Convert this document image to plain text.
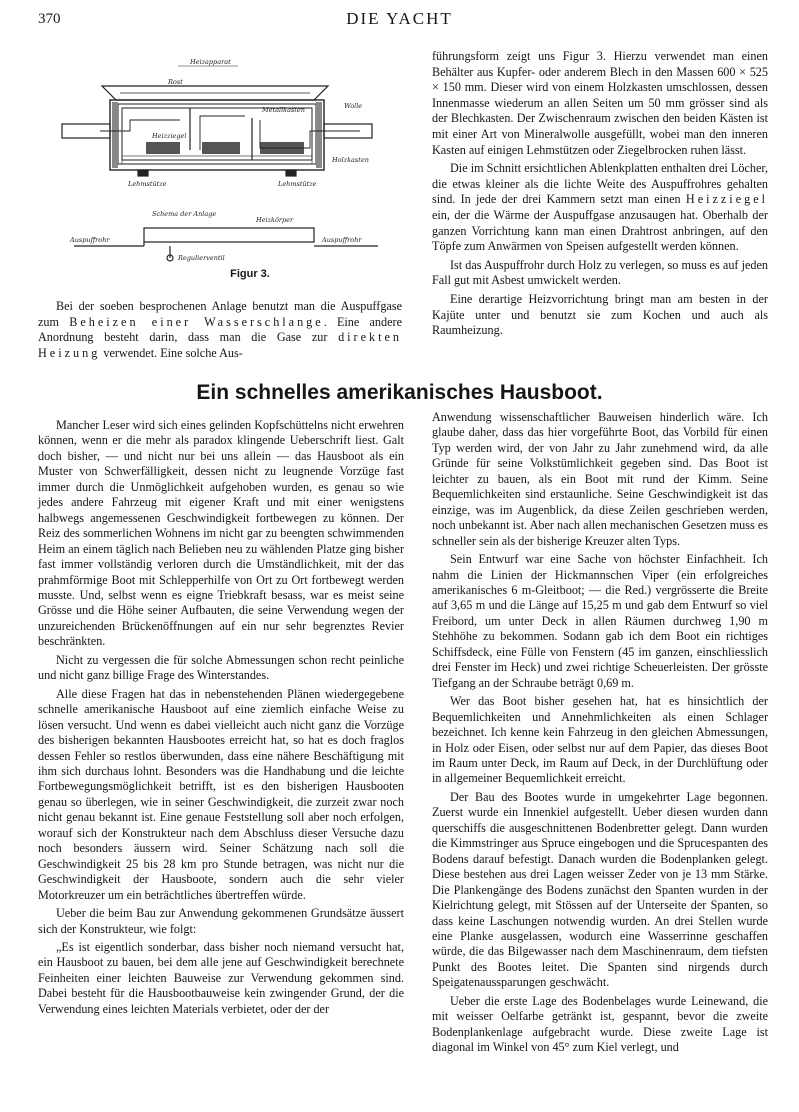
370	DIE YACHT
Heizapparat
Rost
Metallkasten	Wolle
Heizziegel
Holzkasten
Lehmstütze	Lehmstütze
Schema der Anlage
Heizkörper
Auspuffrohr	Auspuffrohr
Regulierventil
Figur 3.

Bei der soeben besprochenen Anlage benutzt man die Auspuffgase zum Beheizen einer Wasserschlange. Eine andere Anordnung besteht darin, dass man die Gase zur direkten Heizung verwendet. Eine solche Aus-

führungsform zeigt uns Figur 3. Hierzu verwendet man einen Behälter aus Kupfer- oder anderem Blech in den Massen 600 × 525 × 150 mm. Dieser wird von einem Holzkasten umschlossen, dessen Innenmasse wiederum an allen Seiten um 50 mm grösser sind als der Blechkasten. Der Zwischenraum zwischen den beiden Kästen ist mit einer Art von Mineralwolle ausgefüllt, wobei man den inneren Kasten auf einigen Lehmstützen oder Ziegelbrocken ruhen lässt.

Die im Schnitt ersichtlichen Ablenkplatten enthalten drei Löcher, die etwas kleiner als die lichte Weite des Auspuffrohres gehalten sind. In jede der drei Kammern setzt man einen Heizziegel ein, der die Wärme der Auspuffgase anzusaugen hat. Oberhalb der ganzen Vorrichtung kann man einen Drahtrost anbringen, auf den Töpfe zum Anwärmen von Speisen aufgestellt werden können.

Ist das Auspuffrohr durch Holz zu verlegen, so muss es auf jeden Fall gut mit Asbest umwickelt werden.

Eine derartige Heizvorrichtung bringt man am besten in der Kajüte unter und benutzt sie zum Kochen und auch als Raumheizung.

Ein schnelles amerikanisches Hausboot.

Mancher Leser wird sich eines gelinden Kopfschüttelns nicht erwehren können, wenn er die mehr als paradox klingende Ueberschrift liest. Galt doch bisher, — und nicht nur bei uns allein — das Hausboot als ein Muster von Schwerfälligkeit, dessen nicht zu leugnende Vorzüge fast immer durch die Unmöglichkeit aufgehoben wurden, es genau so wie jedes andere Fahrzeug mit eigener Kraft und mit einer wenigstens halbwegs angemessenen Geschwindigkeit fortbewegen zu können. Der Reiz des sommerlichen Wohnens im nicht gar zu beengten schwimmenden Heim an einem täglich nach Belieben neu zu wählenden Platze ging bisher fast immer vollständig verloren durch die Umständlichkeit, mit der das prahmförmige Boot mit Schlepperhilfe von Ort zu Ort fortbewegt werden musste. Und, selbst wenn es eigne Triebkraft besass, war es meist seine Grösse und die Höhe seiner Aufbauten, die seine Verwendung wegen der unzureichenden Brückenöffnungen auf ein nur sehr begrenztes Revier beschränkten.

Nicht zu vergessen die für solche Abmessungen schon recht peinliche und nicht ganz billige Frage des Winterstandes.

Alle diese Fragen hat das in nebenstehenden Plänen wiedergegebene schnelle amerikanische Hausboot auf eine ziemlich einfache Weise zu lösen versucht. Und wenn es dabei vielleicht auch nicht ganz die Vorzüge des bisherigen bekannten Hausbootes erreicht hat, so hat es doch fraglos dessen Fehler so restlos überwunden, dass eine nähere Beschäftigung mit ihm sich durchaus lohnt. Besonders was die Handhabung und die leichte Fortbewegungsmöglichkeit betrifft, ist es den bisherigen Hausbooten genau so überlegen, wie in seiner Geschwindigkeit, die zurzeit zwar noch nicht genau bekannt ist. Eine genaue Feststellung soll aber noch erfolgen, worauf sich der Konstrukteur nach dem Abschluss dieser Versuche dazu noch besonders äussern wird. Seiner Schätzung nach soll die Geschwindigkeit 25 bis 28 km pro Stunde betragen, was nicht nur die Geschwindigkeit der Hausboote, sondern auch die sehr vieler Motorkreuzer um ein beträchtliches übertreffen würde.

Ueber die beim Bau zur Anwendung gekommenen Grundsätze äussert sich der Konstrukteur, wie folgt:

„Es ist eigentlich sonderbar, dass bisher noch niemand versucht hat, ein Hausboot zu bauen, bei dem alle jene auf Geschwindigkeit berechnete Feinheiten einer leichten Bauweise zur Verwendung gekommen sind. Dabei besteht für die Hausbootbauweise kein zwingender Grund, der die Verwendung eines leichten Materials verbietet, oder der der

Anwendung wissenschaftlicher Bauweisen hinderlich wäre. Ich glaube daher, dass das hier vorgeführte Boot, das Vorbild für einen Typ werden wird, der von Jahr zu Jahr zunehmend wird, da alle Gründe für seine Volkstümlichkeit gegeben sind. Das Boot ist leichter zu bauen, als ein Boot mit rund der Kimm. Seine Bequemlichkeiten sind erstaunliche. Seine Geschwindigkeit ist das einzige, was im Augenblick, da diese Zeilen geschrieben werden, noch unbekannt ist. Aber nach allen mechanischen Gesetzen muss es schneller sein als der bisherige Kreuzer alten Typs.

Sein Entwurf war eine Sache von höchster Einfachheit. Ich nahm die Linien der Hickmannschen Viper (ein erfolgreiches amerikanisches 6 m-Gleitboot; — die Red.) vergrösserte die Breite auf 3,65 m und die Länge auf 15,25 m und gab dem Entwurf so viel Freibord, um unter Deck in allen Räumen durchweg 1,90 m Stehhöhe zu bekommen. Sodann gab ich dem Boot ein richtiges Schiffsdeck, eine Fülle von Fenstern (45 im ganzen, einschliesslich drei Fenster im Heck) und zwei richtige Scheuerleisten. Der grösste Tiefgang an der Schraube beträgt 0,69 m.

Wer das Boot bisher gesehen hat, hat es hinsichtlich der Bequemlichkeiten und Annehmlichkeiten als einen Schlager bezeichnet. Ich kenne kein Fahrzeug in den gleichen Abmessungen, in Holz oder Eisen, oder selbst nur auf dem Papier, das dieses Boot im Raum unter Deck, im Raum auf Deck, in der Durchlüftung oder in allgemeiner Bequemlichkeit erreicht.

Der Bau des Bootes wurde in umgekehrter Lage begonnen. Zuerst wurde ein Innenkiel aufgestellt. Ueber diesen wurden dann querschiffs die ausgeschnittenen Bodenbretter gelegt. Dann wurden die Kimmstringer aus Spruce eingebogen und die Sprucespanten des Bodens darauf befestigt. Danach wurden die Bodenplanken gelegt. Diese bestehen aus drei Lagen weisser Zeder von je 13 mm Stärke. Die Plankengänge des Bodens zunächst den Spanten wurden in der Kielrichtung gelegt, mit Stössen auf der Unterseite der Spanten, so dass keine Laschungen notwendig wurden. An drei Stellen wurde eine Planke ausgelassen, wodurch eine Wasserrinne geschaffen würde, die das Bilgewasser nach dem Maschinenraum, dem tiefsten Punkt des Bootes leitet. Die Spanten sind nirgends durch Speigatenaussparungen geschwächt.

Ueber die erste Lage des Bodenbelages wurde Leinewand, die mit weisser Oelfarbe getränkt ist, gespannt, bevor die zweite Bodenplankenlage aufgebracht wurde. Diese zweite Lage ist diagonal im Winkel von 45° zum Kiel verlegt, und
